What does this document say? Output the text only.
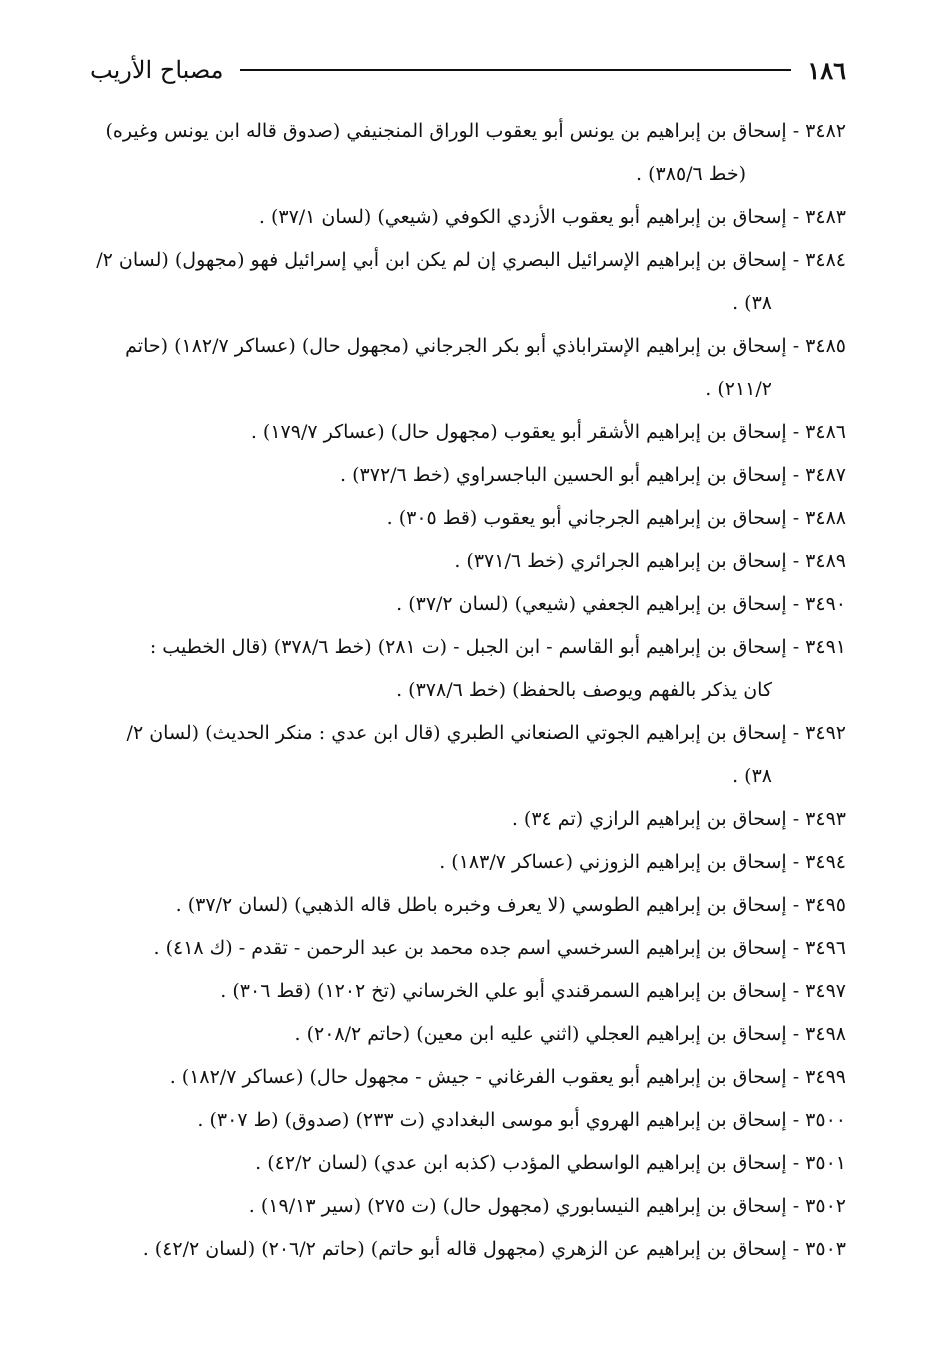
١٨٦
مصباح الأريب
٣٤٨٢ - إسحاق بن إبراهيم بن يونس أبو يعقوب الوراق المنجنيفي (صدوق قاله ابن يونس وغيره)
(خط ٣٨٥/٦) .
٣٤٨٣ - إسحاق بن إبراهيم أبو يعقوب الأزدي الكوفي (شيعي) (لسان ٣٧/١) .
٣٤٨٤ - إسحاق بن إبراهيم الإسرائيل البصري إن لم يكن ابن أبي إسرائيل فهو (مجهول) (لسان ٢/
٣٨) .
٣٤٨٥ - إسحاق بن إبراهيم الإستراباذي أبو بكر الجرجاني (مجهول حال) (عساكر ١٨٢/٧) (حاتم
٢١١/٢) .
٣٤٨٦ - إسحاق بن إبراهيم الأشقر أبو يعقوب (مجهول حال) (عساكر ١٧٩/٧) .
٣٤٨٧ - إسحاق بن إبراهيم أبو الحسين الباجسراوي (خط ٣٧٢/٦) .
٣٤٨٨ - إسحاق بن إبراهيم الجرجاني أبو يعقوب (قط ٣٠٥) .
٣٤٨٩ - إسحاق بن إبراهيم الجرائري (خط ٣٧١/٦) .
٣٤٩٠ - إسحاق بن إبراهيم الجعفي (شيعي) (لسان ٣٧/٢) .
٣٤٩١ - إسحاق بن إبراهيم أبو القاسم - ابن الجبل - (ت ٢٨١) (خط ٣٧٨/٦) (قال الخطيب :
كان يذكر بالفهم ويوصف بالحفظ) (خط ٣٧٨/٦) .
٣٤٩٢ - إسحاق بن إبراهيم الجوتي الصنعاني الطبري (قال ابن عدي : منكر الحديث) (لسان ٢/
٣٨) .
٣٤٩٣ - إسحاق بن إبراهيم الرازي (تم ٣٤) .
٣٤٩٤ - إسحاق بن إبراهيم الزوزني (عساكر ١٨٣/٧) .
٣٤٩٥ - إسحاق بن إبراهيم الطوسي (لا يعرف وخبره باطل قاله الذهبي) (لسان ٣٧/٢) .
٣٤٩٦ - إسحاق بن إبراهيم السرخسي اسم جده محمد بن عبد الرحمن - تقدم - (ك ٤١٨) .
٣٤٩٧ - إسحاق بن إبراهيم السمرقندي أبو علي الخرساني (تخ ١٢٠٢) (قط ٣٠٦) .
٣٤٩٨ - إسحاق بن إبراهيم العجلي (اثني عليه ابن معين) (حاتم ٢٠٨/٢) .
٣٤٩٩ - إسحاق بن إبراهيم أبو يعقوب الفرغاني - جيش - مجهول حال) (عساكر ١٨٢/٧) .
٣٥٠٠ - إسحاق بن إبراهيم الهروي أبو موسى البغدادي (ت ٢٣٣) (صدوق) (ط ٣٠٧) .
٣٥٠١ - إسحاق بن إبراهيم الواسطي المؤدب (كذبه ابن عدي) (لسان ٤٢/٢) .
٣٥٠٢ - إسحاق بن إبراهيم النيسابوري (مجهول حال) (ت ٢٧٥) (سير ١٩/١٣) .
٣٥٠٣ - إسحاق بن إبراهيم عن الزهري (مجهول قاله أبو حاتم) (حاتم ٢٠٦/٢) (لسان ٤٢/٢) .
